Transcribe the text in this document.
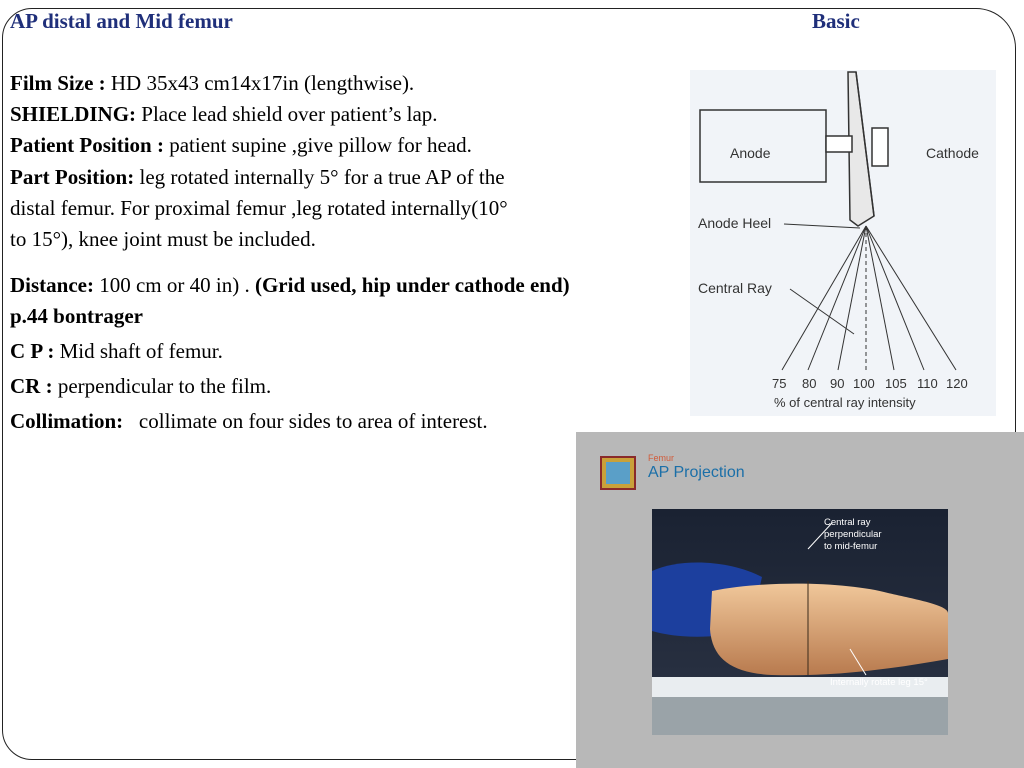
AP distal and Mid femur	Basic
Film Size : HD 35x43 cm14x17in (lengthwise).
SHIELDING: Place lead shield over patient’s lap.
Patient Position : patient supine ,give pillow for head.
Part Position: leg rotated internally 5° for a true AP of the
distal femur. For proximal femur ,leg rotated internally(10°
to 15°), knee joint must be included.
Distance: 100 cm or 40 in) . (Grid used, hip under cathode end)
p.44 bontrager
C P : Mid shaft of femur.
CR : perpendicular to the film.
Collimation:   collimate on four sides to area of interest.
Anode	Cathode
Anode Heel
Central Ray
75 80 90 100 105 110 120
% of central ray intensity
Femur
AP Projection
Central ray
perpendicular
to mid-femur
Internally rotate leg 15°
